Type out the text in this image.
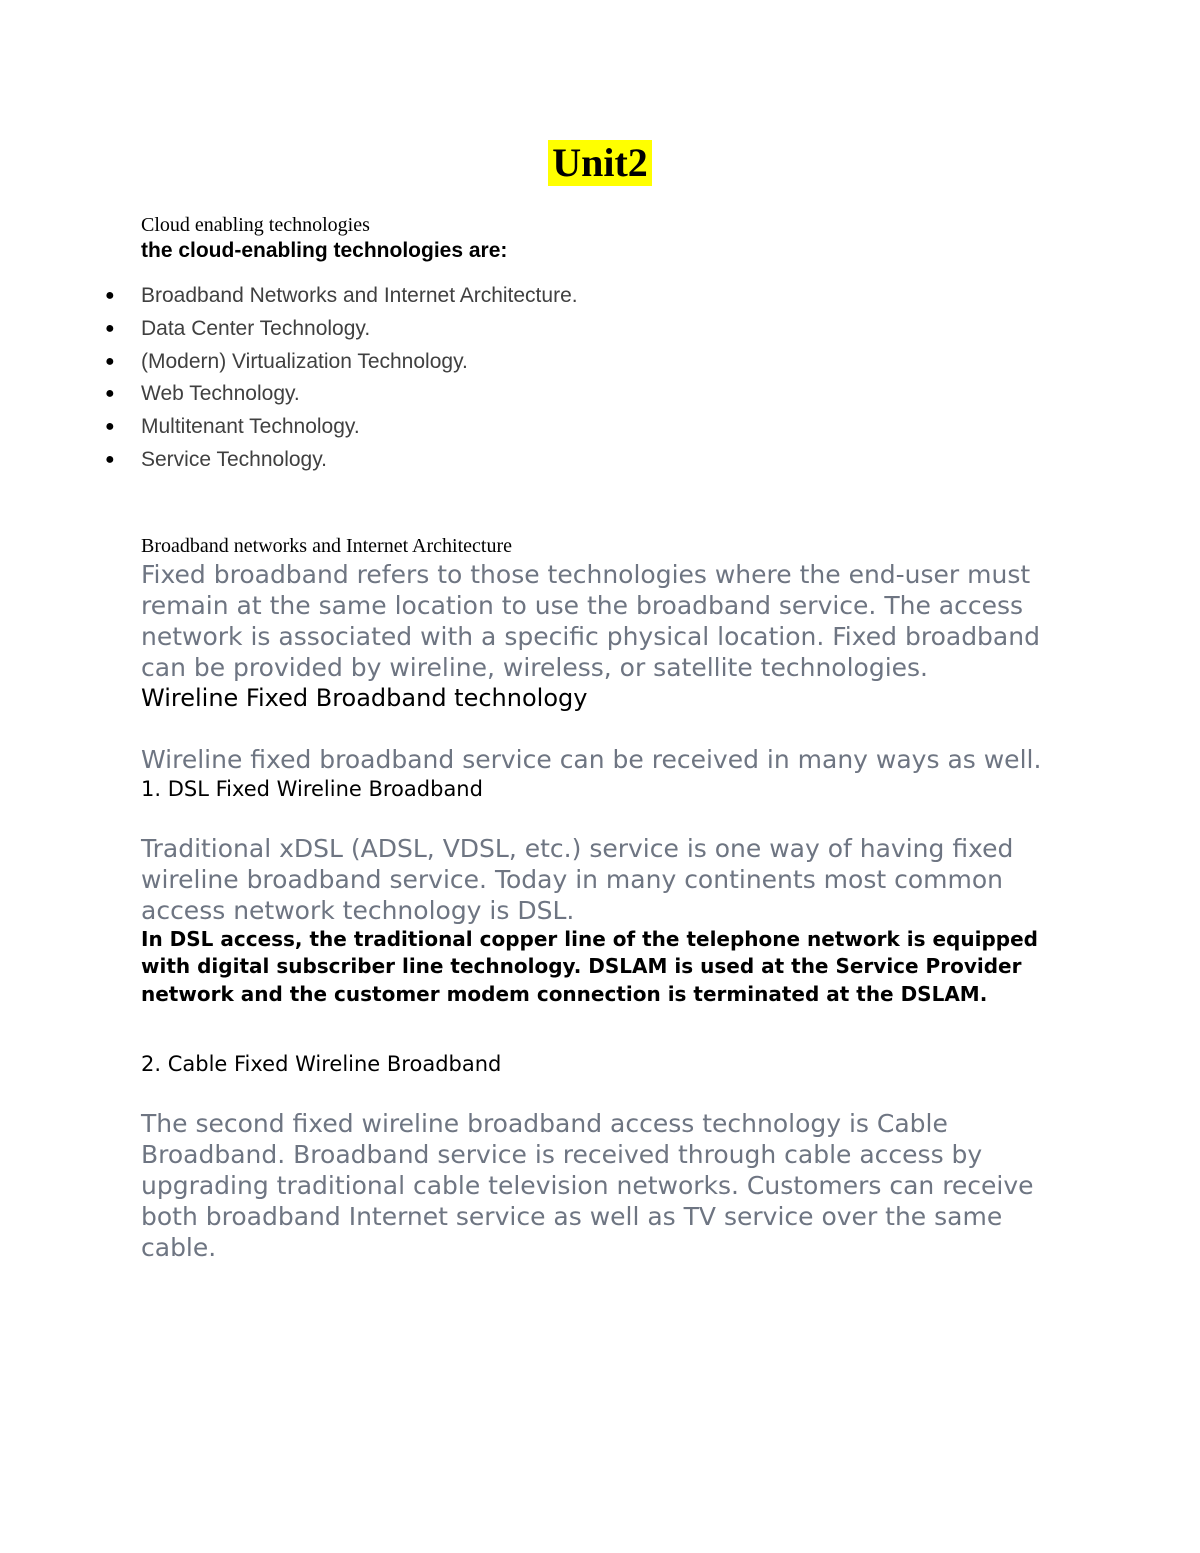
Unit2

Cloud enabling technologies

the cloud-enabling technologies are:

● Broadband Networks and Internet Architecture.
● Data Center Technology.
● (Modern) Virtualization Technology.
● Web Technology.
● Multitenant Technology.
● Service Technology.

Broadband networks and Internet Architecture

Fixed broadband refers to those technologies where the end-user must remain at the same location to use the broadband service. The access network is associated with a specific physical location. Fixed broadband can be provided by wireline, wireless, or satellite technologies.

Wireline Fixed Broadband technology

Wireline fixed broadband service can be received in many ways as well.

1. DSL Fixed Wireline Broadband

Traditional xDSL (ADSL, VDSL, etc.) service is one way of having fixed wireline broadband service. Today in many continents most common access network technology is DSL.

In DSL access, the traditional copper line of the telephone network is equipped with digital subscriber line technology. DSLAM is used at the Service Provider network and the customer modem connection is terminated at the DSLAM.

2. Cable Fixed Wireline Broadband

The second fixed wireline broadband access technology is Cable Broadband. Broadband service is received through cable access by upgrading traditional cable television networks. Customers can receive both broadband Internet service as well as TV service over the same cable.
